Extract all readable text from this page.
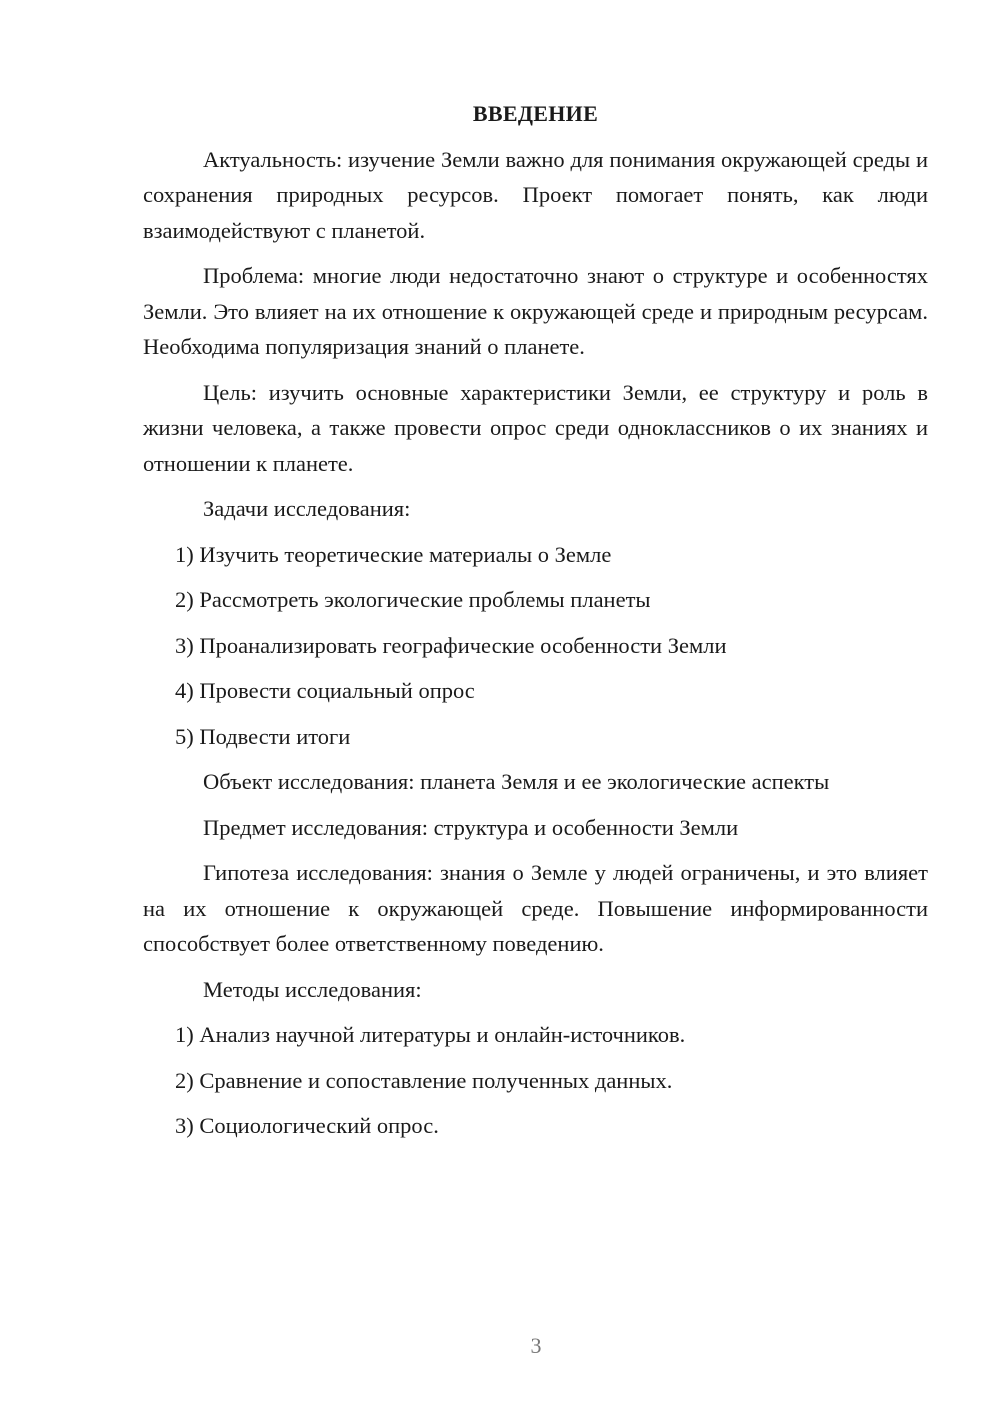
ВВЕДЕНИЕ

Актуальность: изучение Земли важно для понимания окружающей среды и сохранения природных ресурсов. Проект помогает понять, как люди взаимодействуют с планетой.

Проблема: многие люди недостаточно знают о структуре и особенностях Земли. Это влияет на их отношение к окружающей среде и природным ресурсам. Необходима популяризация знаний о планете.

Цель: изучить основные характеристики Земли, ее структуру и роль в жизни человека, а также провести опрос среди одноклассников о их знаниях и отношении к планете.

Задачи исследования:

1) Изучить теоретические материалы о Земле

2) Рассмотреть экологические проблемы планеты

3) Проанализировать географические особенности Земли

4) Провести социальный опрос

5) Подвести итоги

Объект исследования: планета Земля и ее экологические аспекты

Предмет исследования: структура и особенности Земли

Гипотеза исследования: знания о Земле у людей ограничены, и это влияет на их отношение к окружающей среде. Повышение информированности способствует более ответственному поведению.

Методы исследования:

1) Анализ научной литературы и онлайн-источников.

2) Сравнение и сопоставление полученных данных.

3) Социологический опрос.

3
